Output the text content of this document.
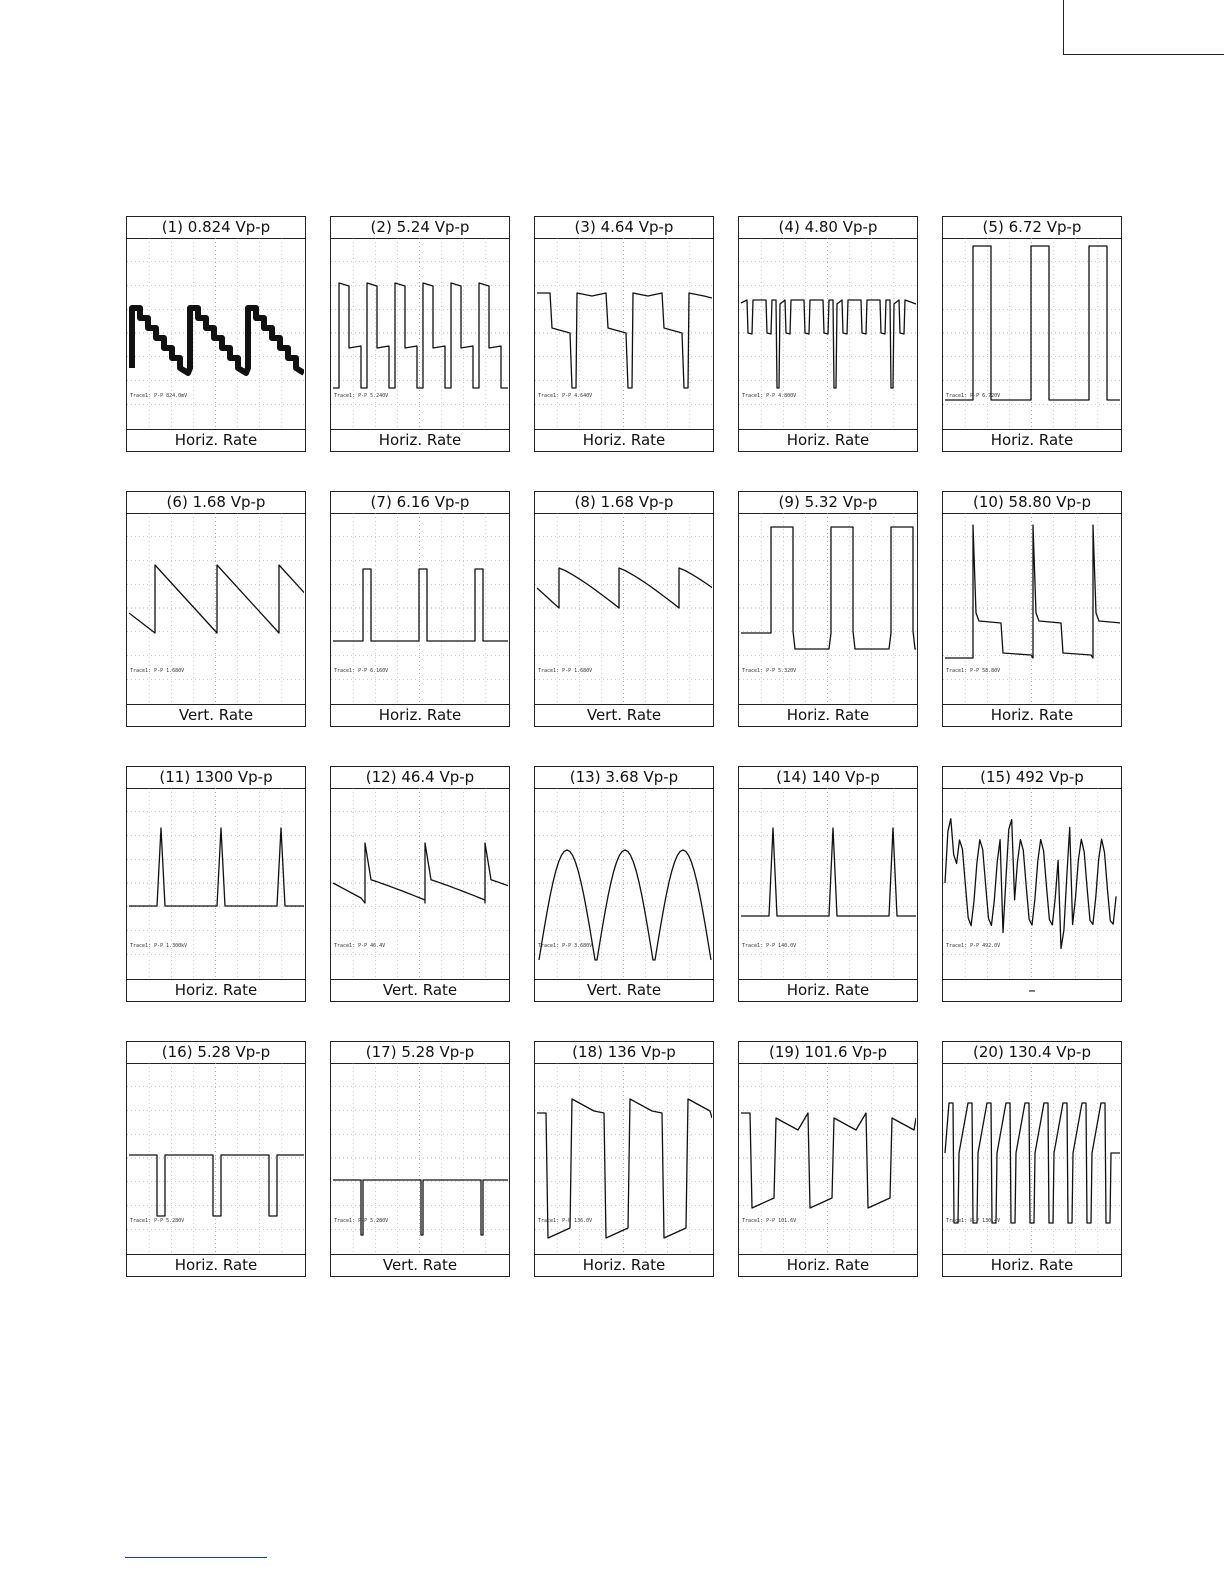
(1) 0.824 Vp-p
Trace1: P-P 824.0mV
Horiz. Rate
(2) 5.24 Vp-p
Trace1: P-P 5.240V
Horiz. Rate
(3) 4.64 Vp-p
Trace1: P-P 4.640V
Horiz. Rate
(4) 4.80 Vp-p
Trace1: P-P 4.800V
Horiz. Rate
(5) 6.72 Vp-p
Trace1: P-P 6.720V
Horiz. Rate
(6) 1.68 Vp-p
Trace1: P-P 1.680V
Vert. Rate
(7) 6.16 Vp-p
Trace1: P-P 6.160V
Horiz. Rate
(8) 1.68 Vp-p
Trace1: P-P 1.680V
Vert. Rate
(9) 5.32 Vp-p
Trace1: P-P 5.320V
Horiz. Rate
(10) 58.80 Vp-p
Trace1: P-P 58.80V
Horiz. Rate
(11) 1300 Vp-p
Trace1: P-P 1.300kV
Horiz. Rate
(12) 46.4 Vp-p
Trace1: P-P 46.4V
Vert. Rate
(13) 3.68 Vp-p
Trace1: P-P 3.680V
Vert. Rate
(14) 140 Vp-p
Trace1: P-P 140.0V
Horiz. Rate
(15) 492 Vp-p
Trace1: P-P 492.0V
–
(16) 5.28 Vp-p
Trace1: P-P 5.280V
Horiz. Rate
(17) 5.28 Vp-p
Trace1: P-P 5.280V
Vert. Rate
(18) 136 Vp-p
Trace1: P-P 136.0V
Horiz. Rate
(19) 101.6 Vp-p
Trace1: P-P 101.6V
Horiz. Rate
(20) 130.4 Vp-p
Trace1: P-P 130.4V
Horiz. Rate
